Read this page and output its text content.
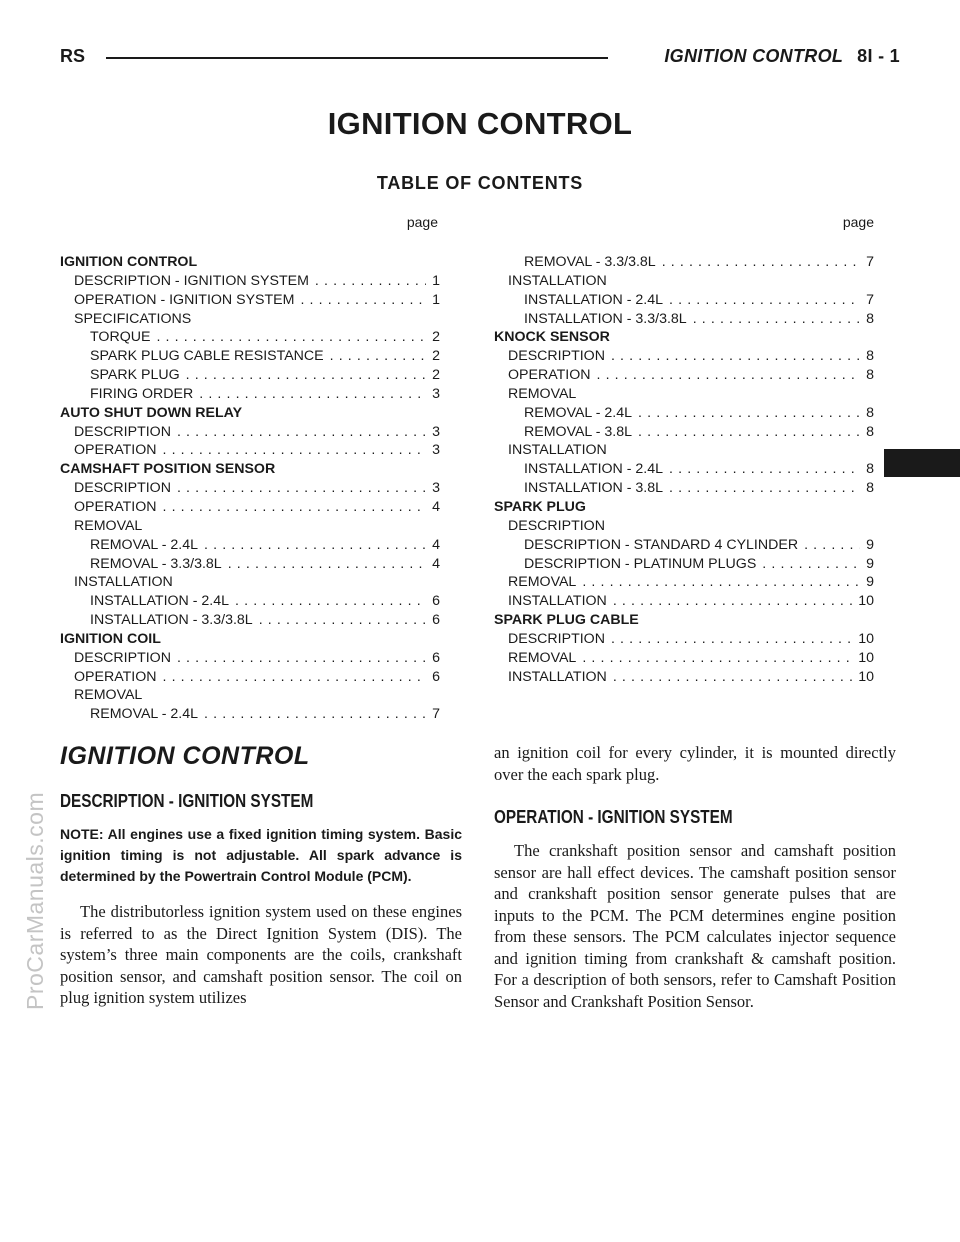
RS	IGNITION CONTROL 8I - 1
IGNITION CONTROL
TABLE OF CONTENTS
page	page
IGNITION CONTROL
DESCRIPTION - IGNITION SYSTEM . . .	1
OPERATION - IGNITION SYSTEM . . .	1
SPECIFICATIONS
TORQUE . . .	2
SPARK PLUG CABLE RESISTANCE . . .	2
SPARK PLUG . . .	2
FIRING ORDER . . .	3
AUTO SHUT DOWN RELAY
DESCRIPTION . . .	3
OPERATION . . .	3
CAMSHAFT POSITION SENSOR
DESCRIPTION . . .	3
OPERATION . . .	4
REMOVAL
REMOVAL - 2.4L . . .	4
REMOVAL - 3.3/3.8L . . .	4
INSTALLATION
INSTALLATION - 2.4L . . .	6
INSTALLATION - 3.3/3.8L . . .	6
IGNITION COIL
DESCRIPTION . . .	6
OPERATION . . .	6
REMOVAL
REMOVAL - 2.4L . . .	7
REMOVAL - 3.3/3.8L . . .	7
INSTALLATION
INSTALLATION - 2.4L . . .	7
INSTALLATION - 3.3/3.8L . . .	8
KNOCK SENSOR
DESCRIPTION . . .	8
OPERATION . . .	8
REMOVAL
REMOVAL - 2.4L . . .	8
REMOVAL - 3.8L . . .	8
INSTALLATION
INSTALLATION - 2.4L . . .	8
INSTALLATION - 3.8L . . .	8
SPARK PLUG
DESCRIPTION
DESCRIPTION - STANDARD 4 CYLINDER . . .	9
DESCRIPTION - PLATINUM PLUGS . . .	9
REMOVAL . . .	9
INSTALLATION . . .	10
SPARK PLUG CABLE
DESCRIPTION . . .	10
REMOVAL . . .	10
INSTALLATION . . .	10
ProCarManuals.com
IGNITION CONTROL
DESCRIPTION - IGNITION SYSTEM

NOTE: All engines use a fixed ignition timing system. Basic ignition timing is not adjustable. All spark advance is determined by the Powertrain Control Module (PCM).

The distributorless ignition system used on these engines is referred to as the Direct Ignition System (DIS). The system’s three main components are the coils, crankshaft position sensor, and camshaft position sensor. The coil on plug ignition system utilizes

an ignition coil for every cylinder, it is mounted directly over the each spark plug.

OPERATION - IGNITION SYSTEM

The crankshaft position sensor and camshaft position sensor are hall effect devices. The camshaft position sensor and crankshaft position sensor generate pulses that are inputs to the PCM. The PCM determines engine position from these sensors. The PCM calculates injector sequence and ignition timing from crankshaft & camshaft position. For a description of both sensors, refer to Camshaft Position Sensor and Crankshaft Position Sensor.
